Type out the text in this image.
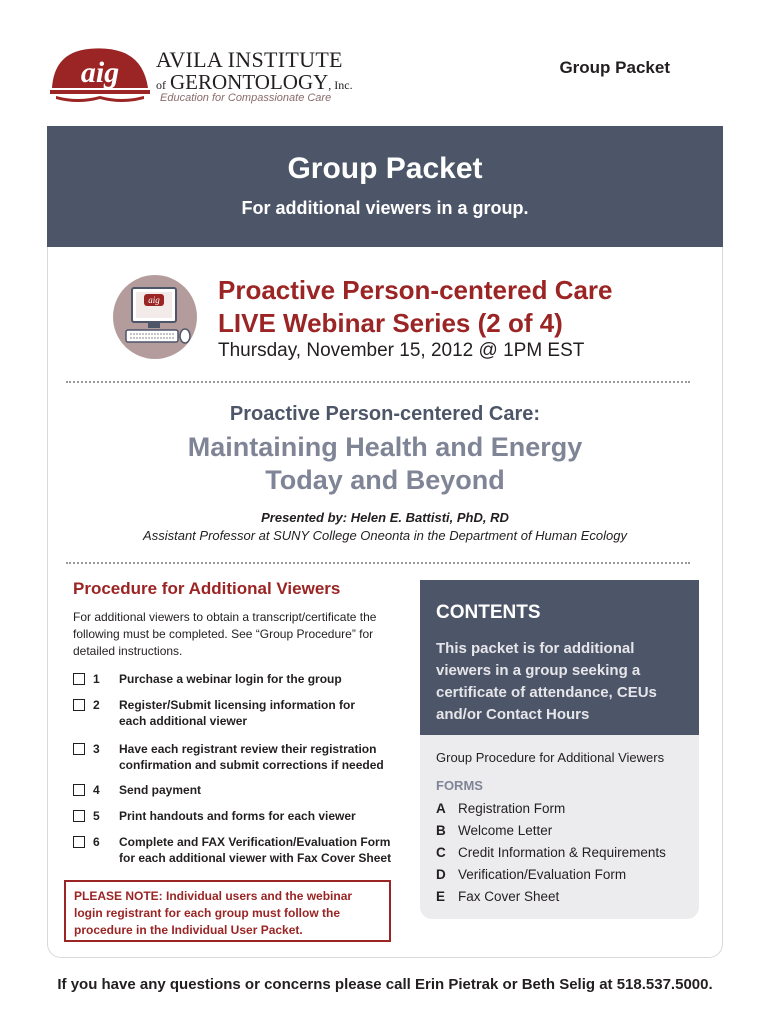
aig AVILA INSTITUTE
of GERONTOLOGY, Inc.
Education for Compassionate Care
Group Packet
Group Packet
For additional viewers in a group.
aig Proactive Person-centered Care
LIVE Webinar Series (2 of 4)
Thursday, November 15, 2012 @ 1PM EST
Proactive Person-centered Care:
Maintaining Health and Energy
Today and Beyond
Presented by: Helen E. Battisti, PhD, RD
Assistant Professor at SUNY College Oneonta in the Department of Human Ecology
Procedure for Additional Viewers
For additional viewers to obtain a transcript/certificate the following must be completed. See “Group Procedure” for detailed instructions.
1 Purchase a webinar login for the group
2 Register/Submit licensing information for each additional viewer
3 Have each registrant review their registration confirmation and submit corrections if needed
4 Send payment
5 Print handouts and forms for each viewer
6 Complete and FAX Verification/Evaluation Form for each additional viewer with Fax Cover Sheet
PLEASE NOTE: Individual users and the webinar login registrant for each group must follow the procedure in the Individual User Packet.
CONTENTS
This packet is for additional viewers in a group seeking a certificate of attendance, CEUs and/or Contact Hours
Group Procedure for Additional Viewers
FORMS
A Registration Form
B Welcome Letter
C Credit Information & Requirements
D Verification/Evaluation Form
E Fax Cover Sheet
If you have any questions or concerns please call Erin Pietrak or Beth Selig at 518.537.5000.
